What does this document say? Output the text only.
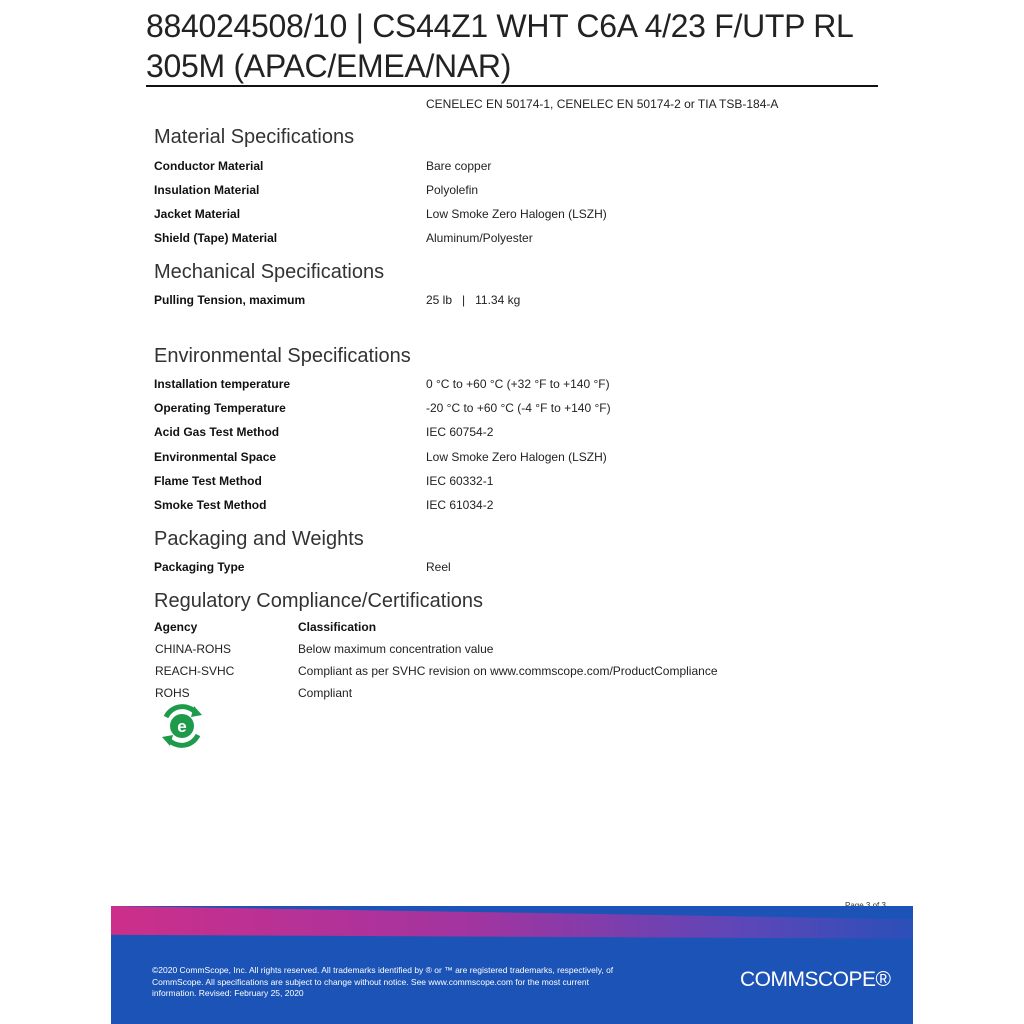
884024508/10 | CS44Z1 WHT C6A 4/23 F/UTP RL 305M (APAC/EMEA/NAR)
CENELEC EN 50174-1, CENELEC EN 50174-2 or TIA TSB-184-A
Material Specifications
Conductor Material	Bare copper
Insulation Material	Polyolefin
Jacket Material	Low Smoke Zero Halogen (LSZH)
Shield (Tape) Material	Aluminum/Polyester
Mechanical Specifications
Pulling Tension, maximum	25 lb   |   11.34 kg
Environmental Specifications
Installation temperature	0 °C to +60 °C (+32 °F to +140 °F)
Operating Temperature	-20 °C to +60 °C (-4 °F to +140 °F)
Acid Gas Test Method	IEC 60754-2
Environmental Space	Low Smoke Zero Halogen (LSZH)
Flame Test Method	IEC 60332-1
Smoke Test Method	IEC 61034-2
Packaging and Weights
Packaging Type	Reel
Regulatory Compliance/Certifications
Agency	Classification
CHINA-ROHS	Below maximum concentration value
REACH-SVHC	Compliant as per SVHC revision on www.commscope.com/ProductCompliance
ROHS	Compliant
e
©2020 CommScope, Inc. All rights reserved. All trademarks identified by ® or ™ are registered trademarks, respectively, of CommScope. All specifications are subject to change without notice. See www.commscope.com for the most current information. Revised: February 25, 2020
COMMSCOPE®
